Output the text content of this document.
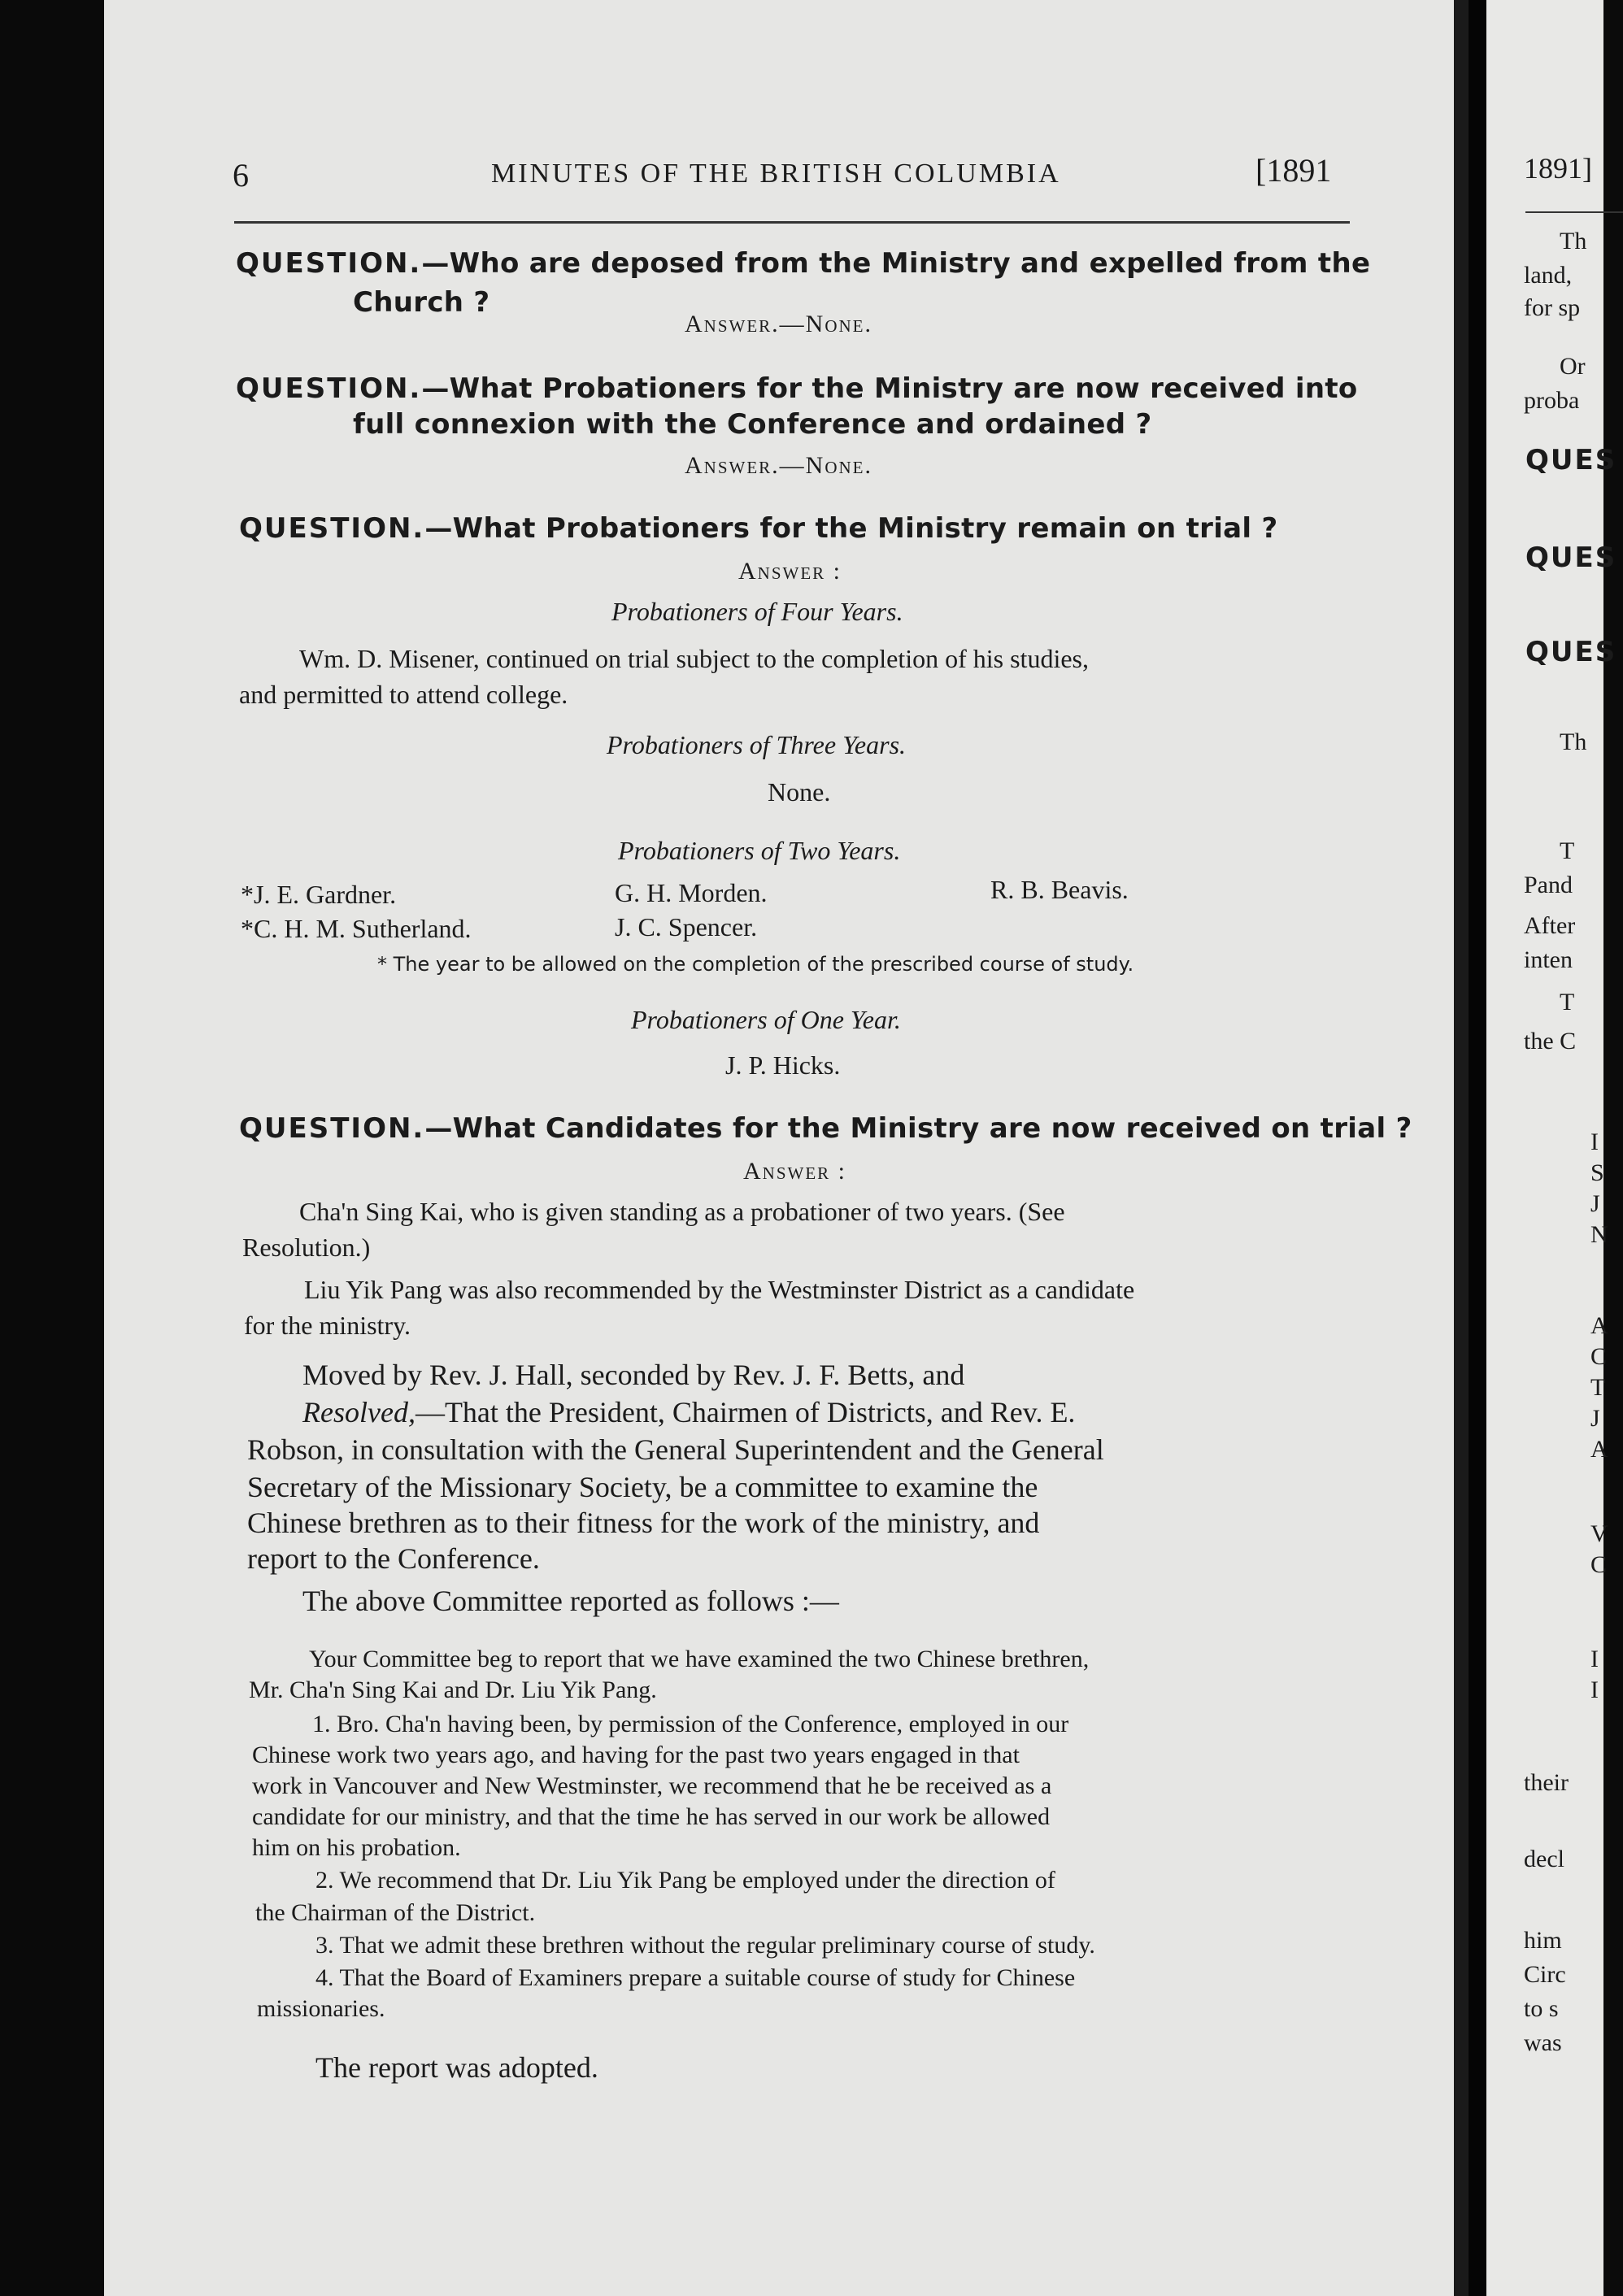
6	MINUTES OF THE BRITISH COLUMBIA	[1891
QUESTION.—Who are deposed from the Ministry and expelled from the
Church ?
Answer.—None.
QUESTION.—What Probationers for the Ministry are now received into
full connexion with the Conference and ordained ?
Answer.—None.
QUESTION.—What Probationers for the Ministry remain on trial ?
Answer :
Probationers of Four Years.
Wm. D. Misener, continued on trial subject to the completion of his studies,
and permitted to attend college.
Probationers of Three Years.
None.
Probationers of Two Years.
*J. E. Gardner.	G. H. Morden.	R. B. Beavis.
*C. H. M. Sutherland.	J. C. Spencer.
* The year to be allowed on the completion of the prescribed course of study.
Probationers of One Year.
J. P. Hicks.
QUESTION.—What Candidates for the Ministry are now received on trial ?
Answer :
Cha'n Sing Kai, who is given standing as a probationer of two years. (See
Resolution.)
Liu Yik Pang was also recommended by the Westminster District as a candidate
for the ministry.
Moved by Rev. J. Hall, seconded by Rev. J. F. Betts, and
Resolved,—That the President, Chairmen of Districts, and Rev. E.
Robson, in consultation with the General Superintendent and the General
Secretary of the Missionary Society, be a committee to examine the
Chinese brethren as to their fitness for the work of the ministry, and
report to the Conference.
The above Committee reported as follows :—
Your Committee beg to report that we have examined the two Chinese brethren,
Mr. Cha'n Sing Kai and Dr. Liu Yik Pang.
1. Bro. Cha'n having been, by permission of the Conference, employed in our
Chinese work two years ago, and having for the past two years engaged in that
work in Vancouver and New Westminster, we recommend that he be received as a
candidate for our ministry, and that the time he has served in our work be allowed
him on his probation.
2. We recommend that Dr. Liu Yik Pang be employed under the direction of
the Chairman of the District.
3. That we admit these brethren without the regular preliminary course of study.
4. That the Board of Examiners prepare a suitable course of study for Chinese
missionaries.
The report was adopted.
1891]
Th
land,
for sp
Or
proba
QUES
QUES
QUES
Th
T
Pand
After
inten
T
the C
I
S
J
N
A
C
T
J
A
V
C
I
I
their
decl
him
Circ
to s
was
